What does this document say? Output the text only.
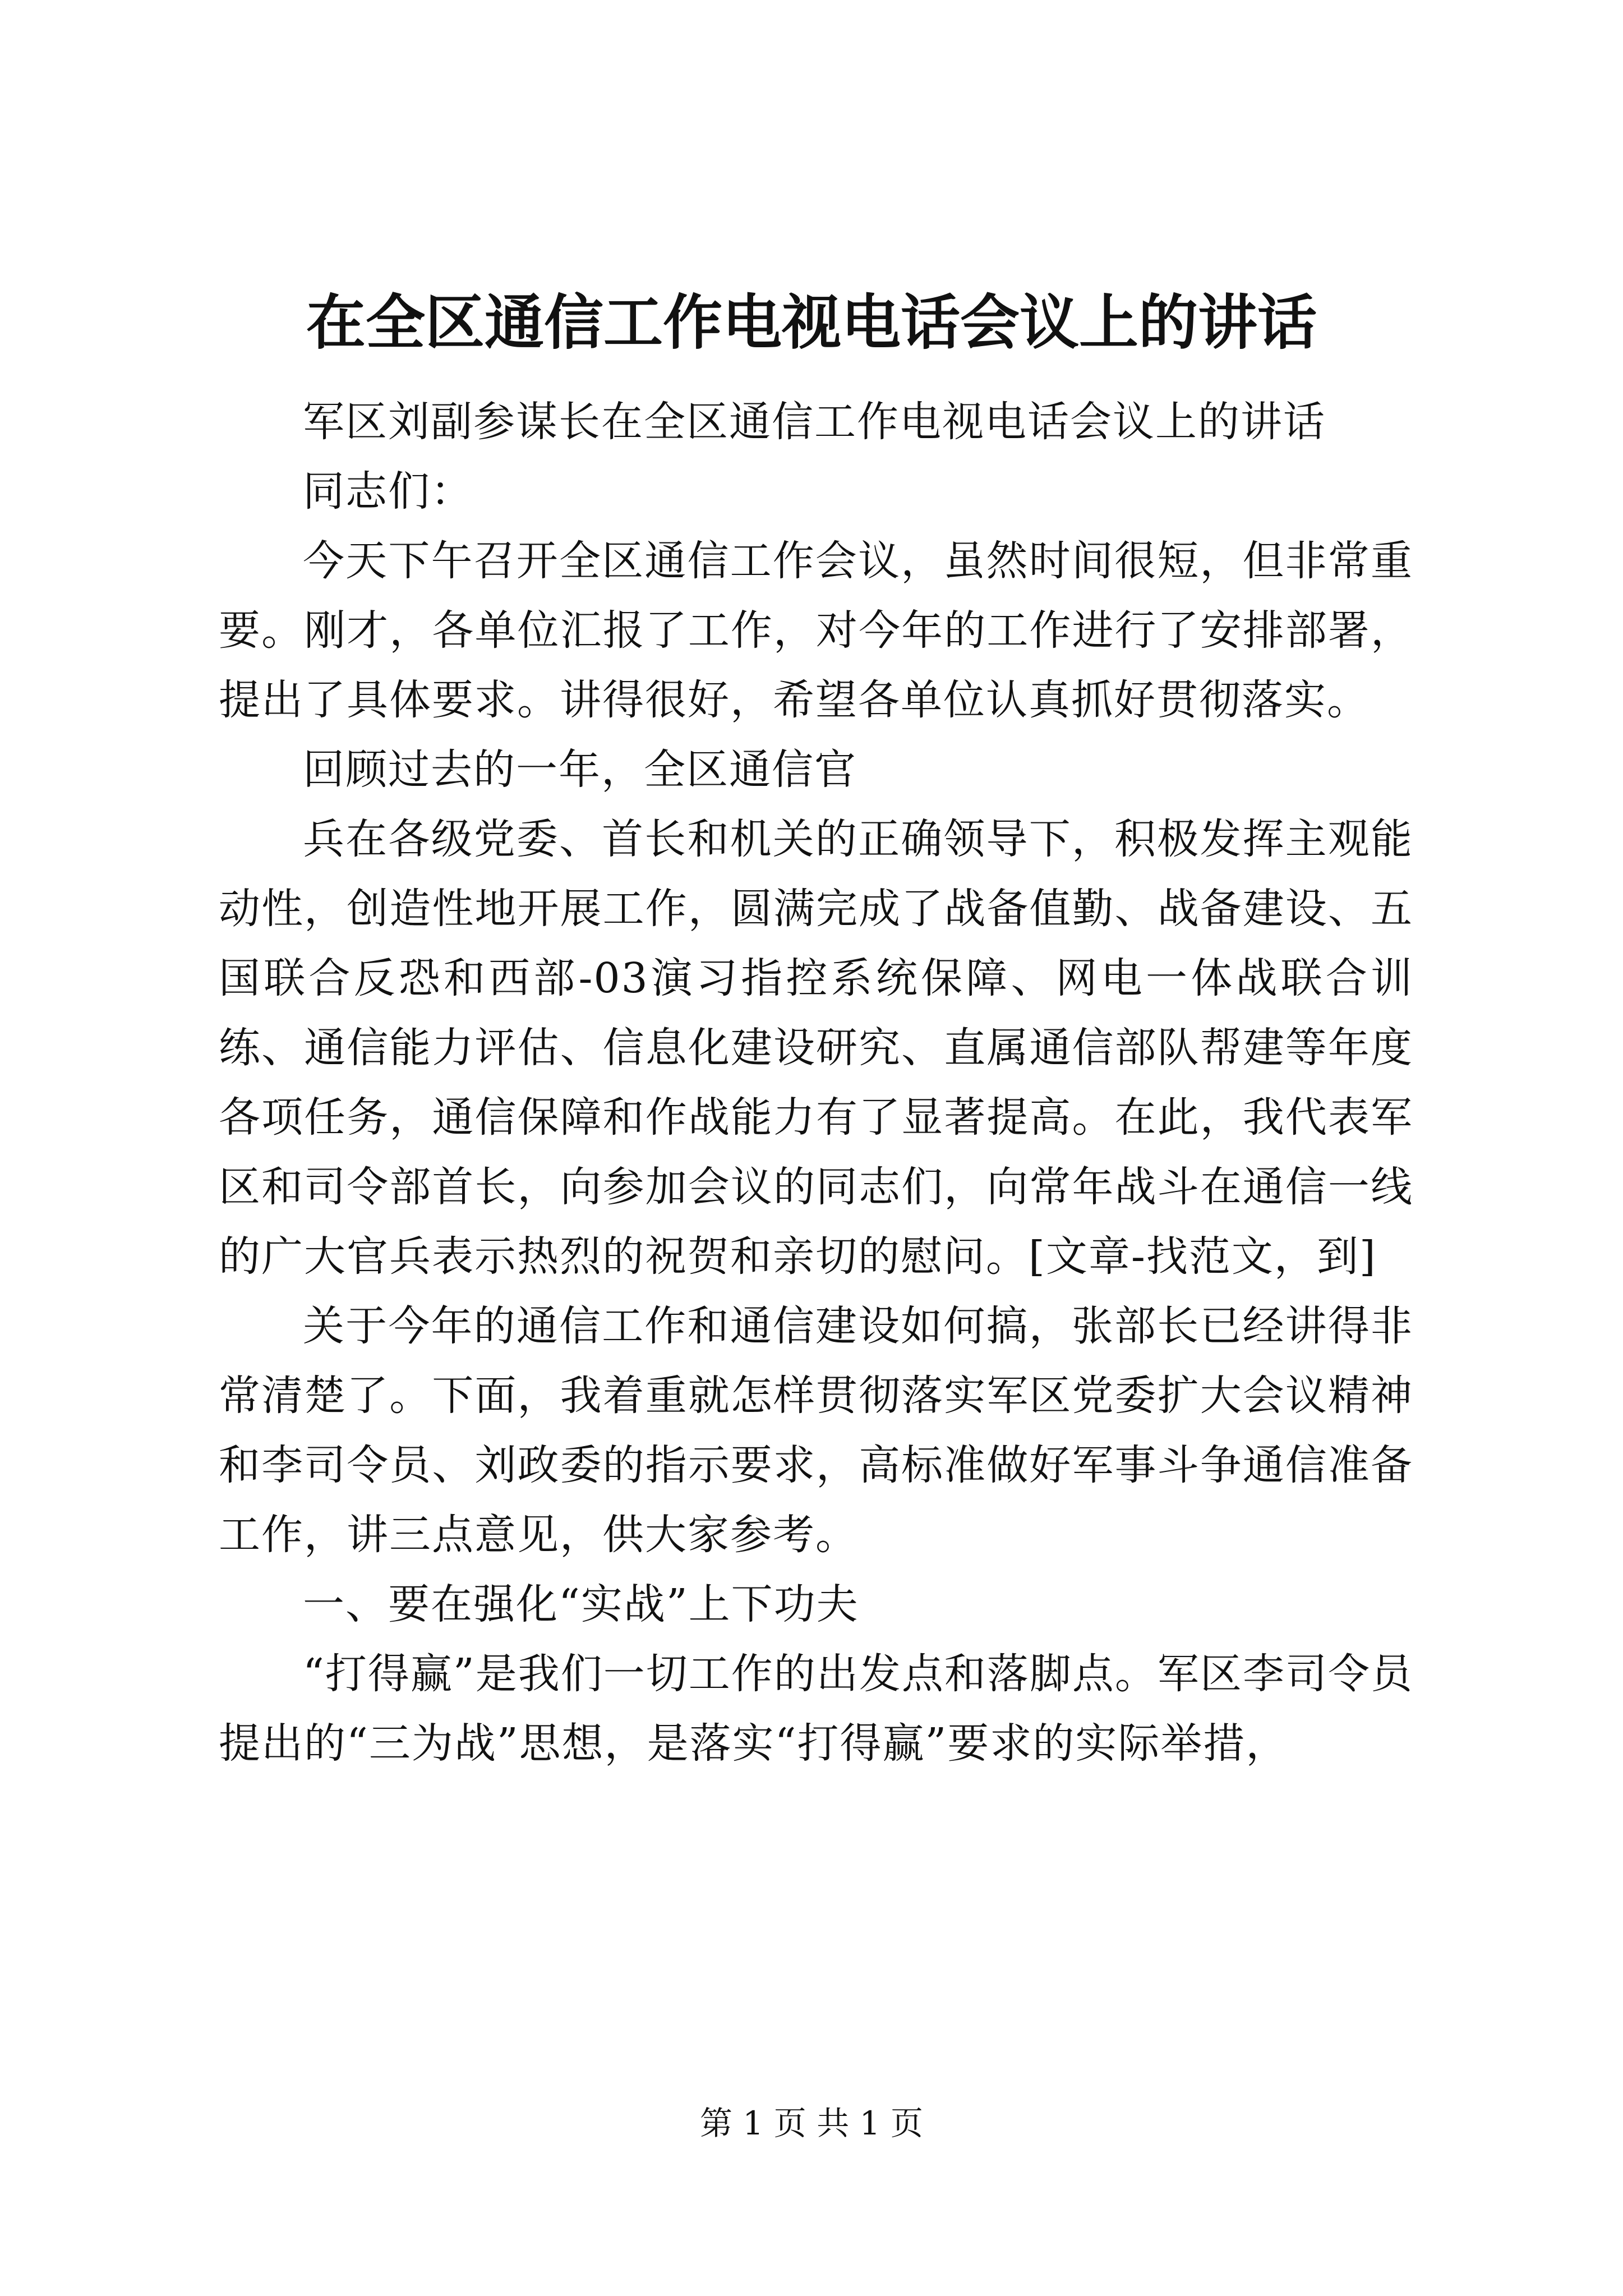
在全区通信工作电视电话会议上的讲话

军区刘副参谋长在全区通信工作电视电话会议上的讲话

同志们：

今天下午召开全区通信工作会议，虽然时间很短，但非常重要。刚才，各单位汇报了工作，对今年的工作进行了安排部署，提出了具体要求。讲得很好，希望各单位认真抓好贯彻落实。

回顾过去的一年，全区通信官

兵在各级党委、首长和机关的正确领导下，积极发挥主观能动性，创造性地开展工作，圆满完成了战备值勤、战备建设、五国联合反恐和西部-03演习指控系统保障、网电一体战联合训练、通信能力评估、信息化建设研究、直属通信部队帮建等年度各项任务，通信保障和作战能力有了显著提高。在此，我代表军区和司令部首长，向参加会议的同志们，向常年战斗在通信一线的广大官兵表示热烈的祝贺和亲切的慰问。[文章-找范文，到]

关于今年的通信工作和通信建设如何搞，张部长已经讲得非常清楚了。下面，我着重就怎样贯彻落实军区党委扩大会议精神和李司令员、刘政委的指示要求，高标准做好军事斗争通信准备工作，讲三点意见，供大家参考。

一、要在强化“实战”上下功夫

“打得赢”是我们一切工作的出发点和落脚点。军区李司令员提出的“三为战”思想，是落实“打得赢”要求的实际举措，

第 1 页 共 1 页
